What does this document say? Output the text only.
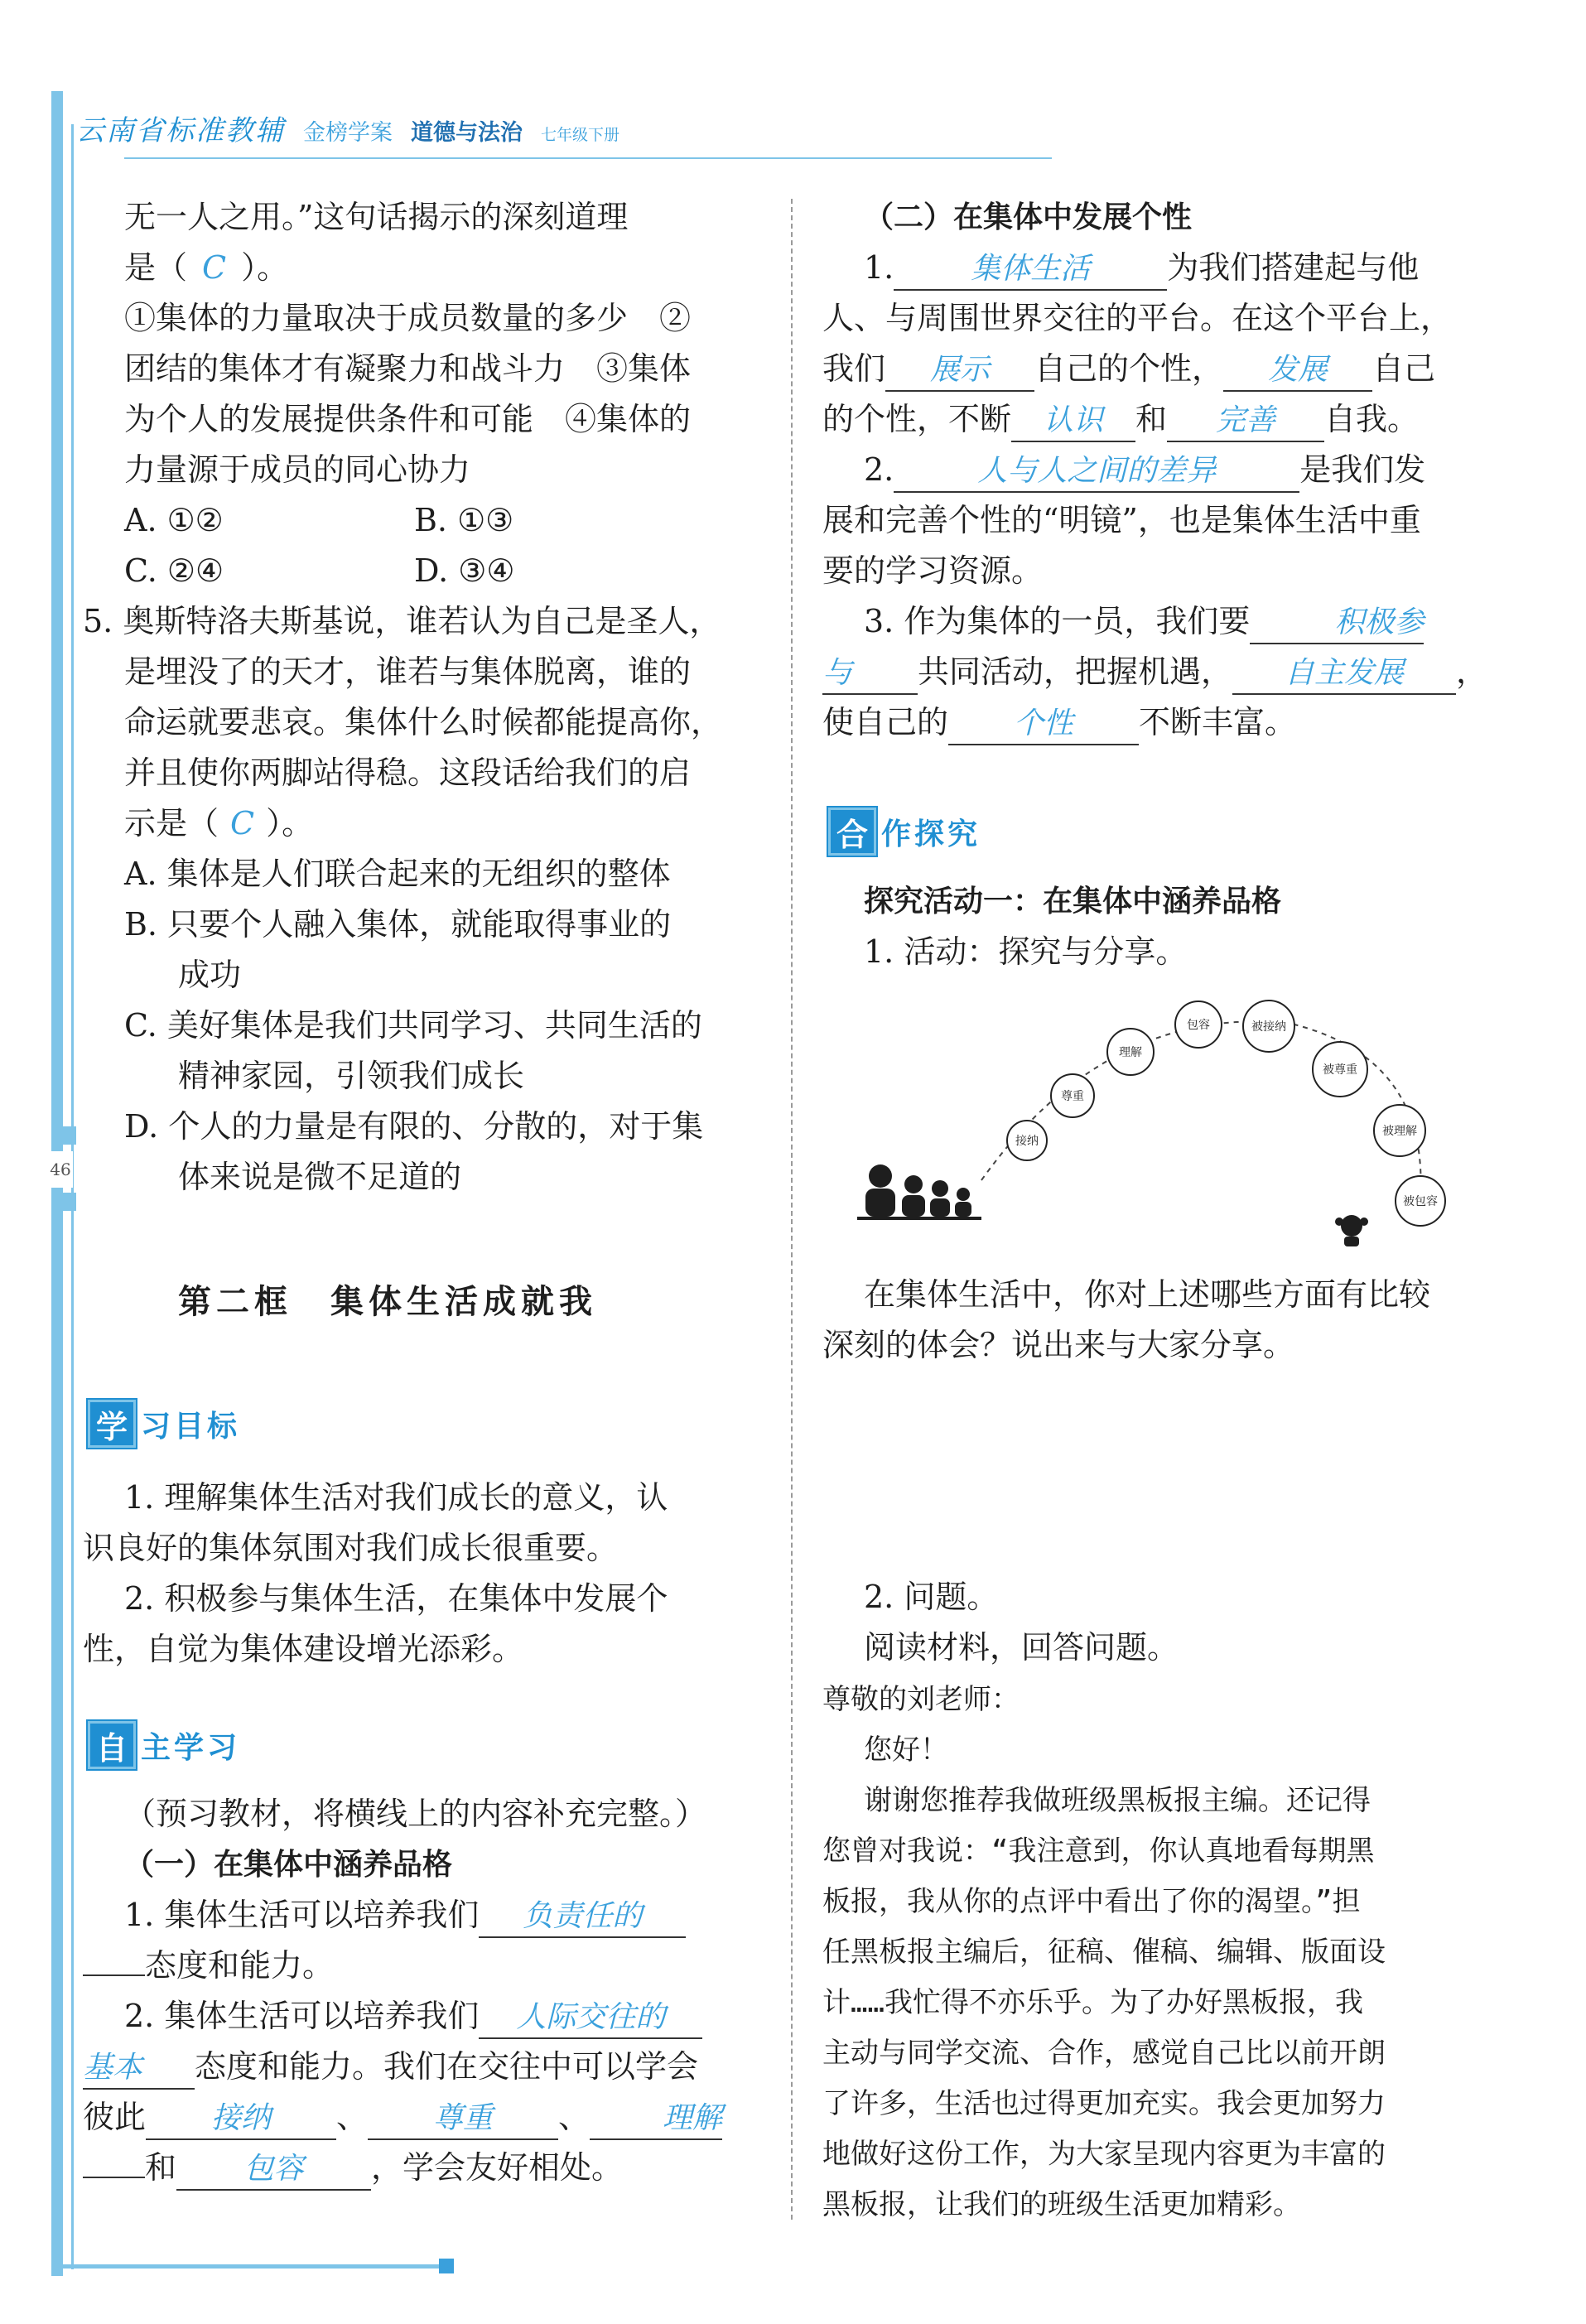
46
云南省标准教辅 金榜学案 道德与法治 七年级下册
无一人之用。”这句话揭示的深刻道理
是（ C ）。
①集体的力量取决于成员数量的多少　②
团结的集体才有凝聚力和战斗力　③集体
为个人的发展提供条件和可能　④集体的
力量源于成员的同心协力
A. ①②	B. ①③
C. ②④	D. ③④
5. 奥斯特洛夫斯基说，谁若认为自己是圣人，
是埋没了的天才，谁若与集体脱离，谁的
命运就要悲哀。集体什么时候都能提高你，
并且使你两脚站得稳。这段话给我们的启
示是（ C ）。
A. 集体是人们联合起来的无组织的整体
B. 只要个人融入集体，就能取得事业的
成功
C. 美好集体是我们共同学习、共同生活的
精神家园，引领我们成长
D. 个人的力量是有限的、分散的，对于集
体来说是微不足道的
第二框　集体生活成就我
学 习目标
1. 理解集体生活对我们成长的意义，认
识良好的集体氛围对我们成长很重要。
2. 积极参与集体生活，在集体中发展个
性，自觉为集体建设增光添彩。
自 主学习
（预习教材，将横线上的内容补充完整。）
（一）在集体中涵养品格
1. 集体生活可以培养我们 负责任的
态度和能力。
2. 集体生活可以培养我们 人际交往的
基本 态度和能力。我们在交往中可以学会
彼此 接纳 、 尊重 、 理解
和 包容 ，学会友好相处。
（二）在集体中发展个性
1.	集体生活 为我们搭建起与他
人、与周围世界交往的平台。在这个平台上，
我们 展示 自己的个性， 发展 自己
的个性，不断 认识 和 完善 自我。
2.	人与人之间的差异	是我们发
展和完善个性的“明镜”，也是集体生活中重
要的学习资源。
3. 作为集体的一员，我们要	积极参
与 共同活动，把握机遇， 自主发展 ，
使自己的 个性 不断丰富。
合 作探究
探究活动一：在集体中涵养品格
1. 活动：探究与分享。
接纳
尊重
理解
包容	被接纳
被尊重
被理解
被包容
在集体生活中，你对上述哪些方面有比较
深刻的体会？说出来与大家分享。
2. 问题。
阅读材料，回答问题。
尊敬的刘老师：
您好！
谢谢您推荐我做班级黑板报主编。还记得
您曾对我说：“我注意到，你认真地看每期黑
板报，我从你的点评中看出了你的渴望。”担
任黑板报主编后，征稿、催稿、编辑、版面设
计……我忙得不亦乐乎。为了办好黑板报，我
主动与同学交流、合作，感觉自己比以前开朗
了许多，生活也过得更加充实。我会更加努力
地做好这份工作，为大家呈现内容更为丰富的
黑板报，让我们的班级生活更加精彩。
